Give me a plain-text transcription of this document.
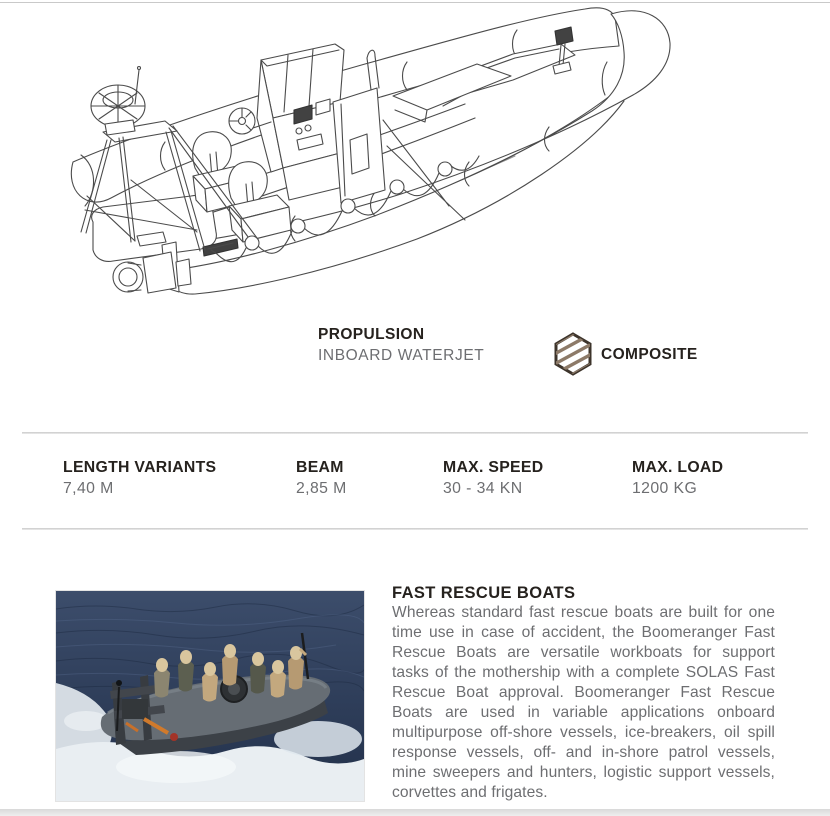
PROPULSION
INBOARD WATERJET	COMPOSITE
LENGTH VARIANTS
7,40 M
BEAM
2,85 M
MAX. SPEED
30 - 34 KN
MAX. LOAD
1200 KG
FAST RESCUE BOATS
Whereas standard fast rescue boats are built for one time use in case of accident, the Boomeranger Fast Rescue Boats are versatile workboats for support tasks of the mothership with a complete SOLAS Fast Rescue Boat approval. Boomeranger Fast Rescue Boats are used in variable applications onboard multipurpose off-shore vessels, ice-breakers, oil spill response vessels, off- and in-shore patrol vessels, mine sweepers and hunters, logistic support vessels, corvettes and frigates.
